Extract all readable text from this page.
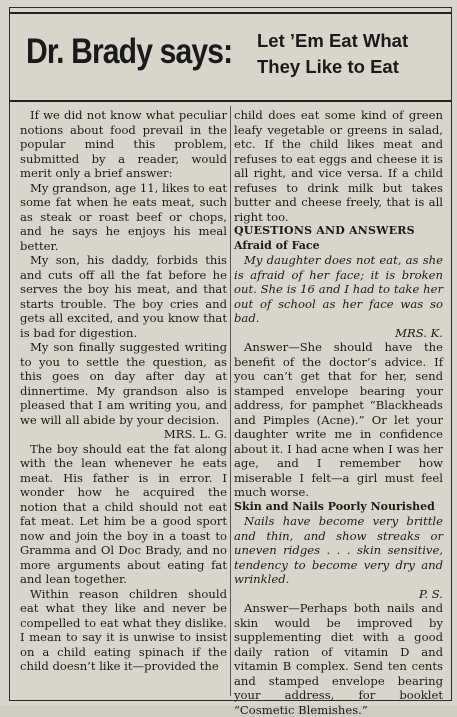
Dr. Brady says: Let ’Em Eat What
They Like to Eat

If we did not know what peculiar notions about food prevail in the popular mind this problem, submitted by a reader, would merit only a brief answer:

My grandson, age 11, likes to eat some fat when he eats meat, such as steak or roast beef or chops, and he says he enjoys his meal better.

My son, his daddy, forbids this and cuts off all the fat before he serves the boy his meat, and that starts trouble. The boy cries and gets all excited, and you know that is bad for digestion.

My son finally suggested writing to you to settle the question, as this goes on day after day at dinnertime. My grandson also is pleased that I am writing you, and we will all abide by your decision.

MRS. L. G.

The boy should eat the fat along with the lean whenever he eats meat. His father is in error. I wonder how he acquired the notion that a child should not eat fat meat. Let him be a good sport now and join the boy in a toast to Gramma and Ol Doc Brady, and no more arguments about eating fat and lean together.

Within reason children should eat what they like and never be compelled to eat what they dislike. I mean to say it is unwise to insist on a child eating spinach if the child doesn’t like it—provided the

child does eat some kind of green leafy vegetable or greens in salad, etc. If the child likes meat and refuses to eat eggs and cheese it is all right, and vice versa. If a child refuses to drink milk but takes butter and cheese freely, that is all right too.

QUESTIONS AND ANSWERS

Afraid of Face

My daughter does not eat, as she is afraid of her face; it is broken out. She is 16 and I had to take her out of school as her face was so bad.

MRS. K.

Answer—She should have the benefit of the doctor’s advice. If you can’t get that for her, send stamped envelope bearing your address, for pamphet “Blackheads and Pimples (Acne).” Or let your daughter write me in confidence about it. I had acne when I was her age, and I remember how miserable I felt—a girl must feel much worse.

Skin and Nails Poorly Nourished

Nails have become very brittle and thin, and show streaks or uneven ridges . . . skin sensitive, tendency to become very dry and wrinkled.

P. S.

Answer—Perhaps both nails and skin would be improved by supplementing diet with a good daily ration of vitamin D and vitamin B complex. Send ten cents and stamped envelope bearing your address, for booklet “Cosmetic Blemishes.”
